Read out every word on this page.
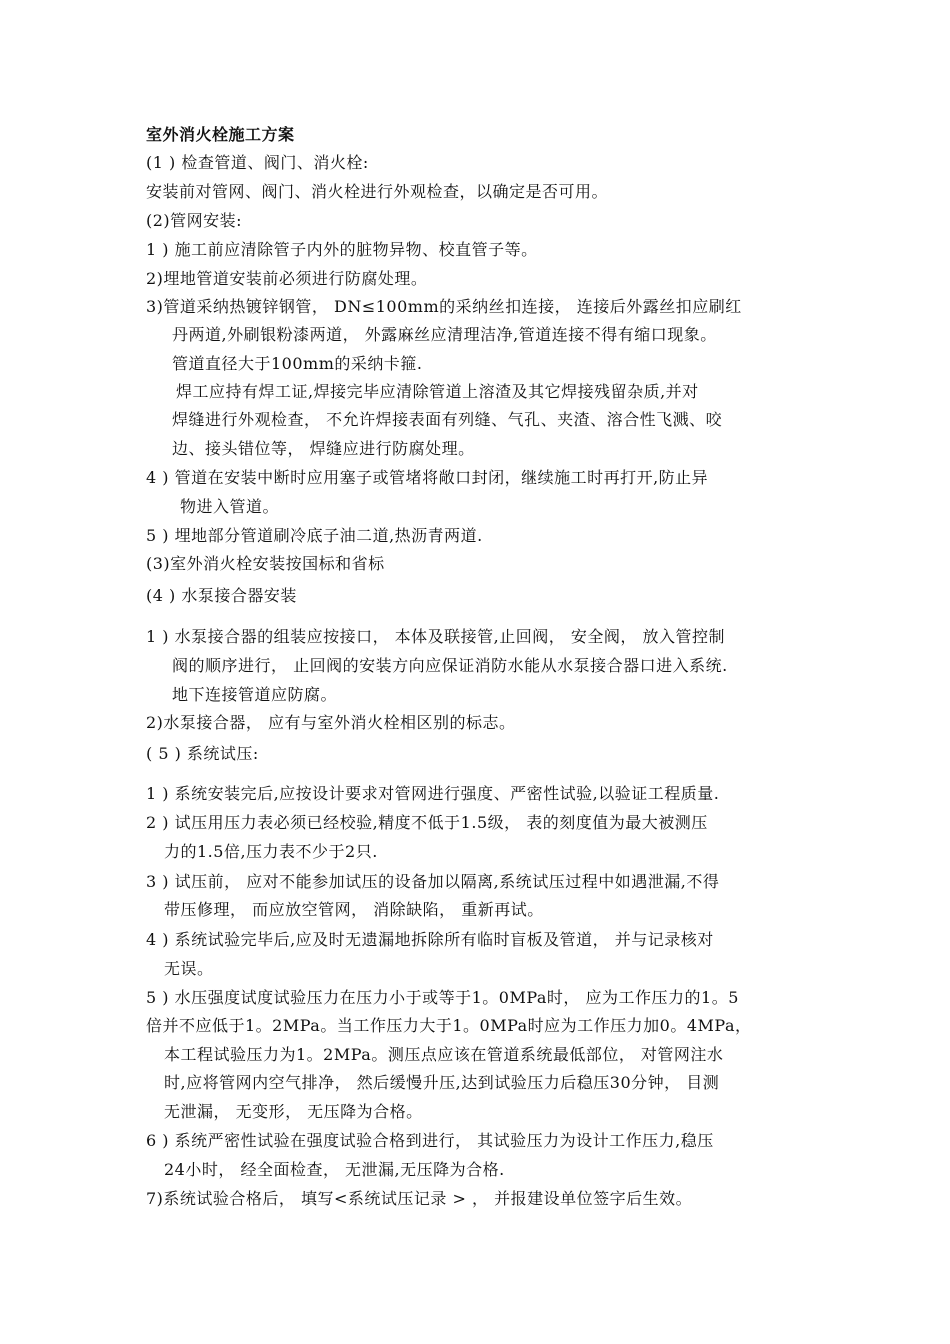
室外消火栓施工方案
(1 ) 检查管道、阀门、消火栓:
安装前对管网、阀门、消火栓进行外观检查，以确定是否可用。
(2)管网安装:
1 ) 施工前应清除管子内外的脏物异物、校直管子等。
2)埋地管道安装前必须进行防腐处理。
3)管道采纳热镀锌钢管， DN≤100mm的采纳丝扣连接， 连接后外露丝扣应刷红
丹两道,外刷银粉漆两道， 外露麻丝应清理洁净,管道连接不得有缩口现象。
管道直径大于100mm的采纳卡箍.
焊工应持有焊工证,焊接完毕应清除管道上溶渣及其它焊接残留杂质,并对
焊缝进行外观检查， 不允许焊接表面有列缝、气孔、夹渣、溶合性飞溅、咬
边、接头错位等， 焊缝应进行防腐处理。
4 ) 管道在安装中断时应用塞子或管堵将敞口封闭，继续施工时再打开,防止异
物进入管道。
5 ) 埋地部分管道刷冷底子油二道,热沥青两道.
(3)室外消火栓安装按国标和省标
(4 ) 水泵接合器安装
1 ) 水泵接合器的组装应按接口， 本体及联接管,止回阀， 安全阀， 放入管控制
阀的顺序进行， 止回阀的安装方向应保证消防水能从水泵接合器口进入系统.
地下连接管道应防腐。
2)水泵接合器， 应有与室外消火栓相区别的标志。
( 5 ) 系统试压:
1 ) 系统安装完后,应按设计要求对管网进行强度、严密性试验,以验证工程质量.
2 ) 试压用压力表必须已经校验,精度不低于1.5级， 表的刻度值为最大被测压
力的1.5倍,压力表不少于2只.
3 ) 试压前， 应对不能参加试压的设备加以隔离,系统试压过程中如遇泄漏,不得
带压修理， 而应放空管网， 消除缺陷， 重新再试。
4 ) 系统试验完毕后,应及时无遗漏地拆除所有临时盲板及管道， 并与记录核对
无误。
5 ) 水压强度试度试验压力在压力小于或等于1。0MPa时， 应为工作压力的1。5
倍并不应低于1。2MPa。当工作压力大于1。0MPa时应为工作压力加0。4MPa，
本工程试验压力为1。2MPa。测压点应该在管道系统最低部位， 对管网注水
时,应将管网内空气排净， 然后缓慢升压,达到试验压力后稳压30分钟， 目测
无泄漏， 无变形， 无压降为合格。
6 ) 系统严密性试验在强度试验合格到进行， 其试验压力为设计工作压力,稳压
24小时， 经全面检查， 无泄漏,无压降为合格.
7)系统试验合格后， 填写<系统试压记录 > ， 并报建设单位签字后生效。
